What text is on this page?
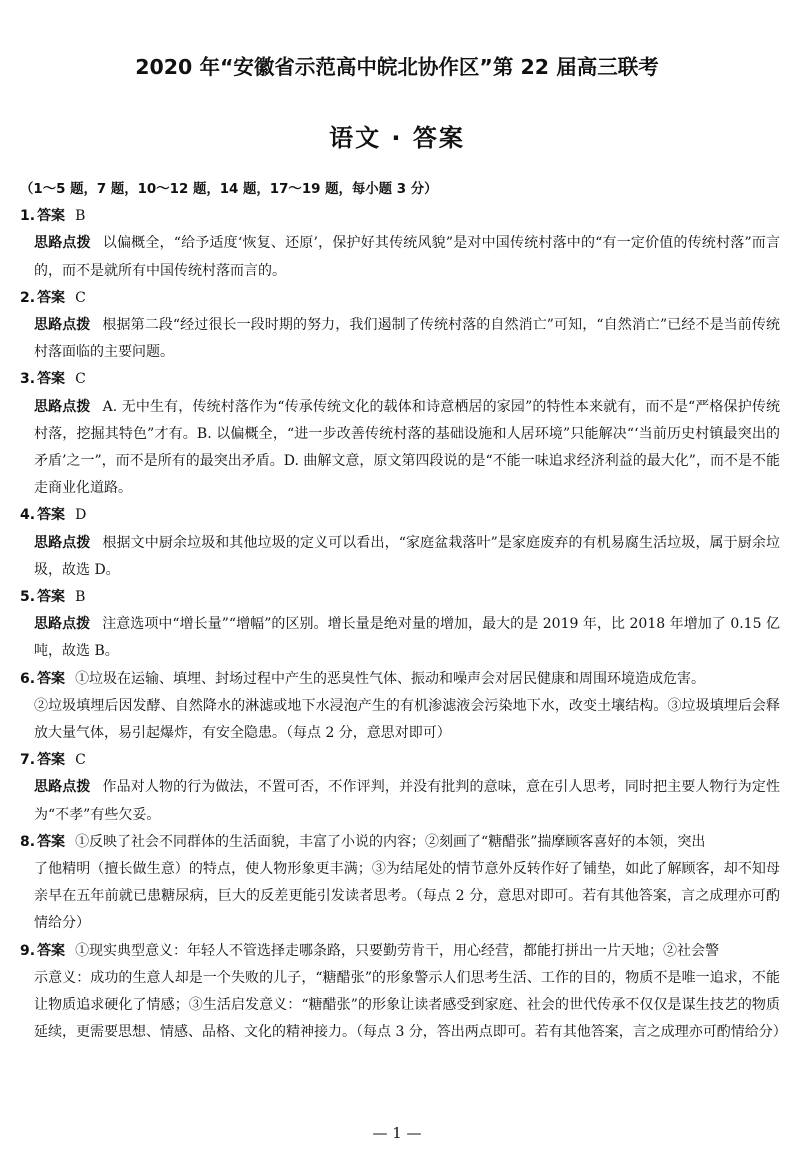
2020 年“安徽省示范高中皖北协作区”第 22 届高三联考
语文 · 答案

（1～5 题，7 题，10～12 题，14 题，17～19 题，每小题 3 分）

1. 答案 B

思路点拨 以偏概全，“给予适度‘恢复、还原’，保护好其传统风貌”是对中国传统村落中的“有一定价值的传统村落”而言的，而不是就所有中国传统村落而言的。

2. 答案 C

思路点拨 根据第二段“经过很长一段时期的努力，我们遏制了传统村落的自然消亡”可知，“自然消亡”已经不是当前传统村落面临的主要问题。

3. 答案 C

思路点拨 A. 无中生有，传统村落作为“传承传统文化的载体和诗意栖居的家园”的特性本来就有，而不是“严格保护传统村落，挖掘其特色”才有。B. 以偏概全，“进一步改善传统村落的基础设施和人居环境”只能解决“‘当前历史村镇最突出的矛盾’之一”，而不是所有的最突出矛盾。D. 曲解文意，原文第四段说的是“不能一味追求经济利益的最大化”，而不是不能走商业化道路。

4. 答案 D

思路点拨 根据文中厨余垃圾和其他垃圾的定义可以看出，“家庭盆栽落叶”是家庭废弃的有机易腐生活垃圾，属于厨余垃圾，故选 D。

5. 答案 B

思路点拨 注意选项中“增长量”“增幅”的区别。增长量是绝对量的增加，最大的是 2019 年，比 2018 年增加了 0.15 亿吨，故选 B。

6. 答案 ①垃圾在运输、填埋、封场过程中产生的恶臭性气体、振动和噪声会对居民健康和周围环境造成危害。

②垃圾填埋后因发酵、自然降水的淋滤或地下水浸泡产生的有机渗滤液会污染地下水，改变土壤结构。③垃圾填埋后会释放大量气体，易引起爆炸，有安全隐患。（每点 2 分，意思对即可）

7. 答案 C

思路点拨 作品对人物的行为做法，不置可否，不作评判，并没有批判的意味，意在引人思考，同时把主要人物行为定性为“不孝”有些欠妥。

8. 答案 ①反映了社会不同群体的生活面貌，丰富了小说的内容；②刻画了“糖醋张”揣摩顾客喜好的本领，突出

了他精明（擅长做生意）的特点，使人物形象更丰满；③为结尾处的情节意外反转作好了铺垫，如此了解顾客，却不知母亲早在五年前就已患糖尿病，巨大的反差更能引发读者思考。（每点 2 分，意思对即可。若有其他答案，言之成理亦可酌情给分）

9. 答案 ①现实典型意义：年轻人不管选择走哪条路，只要勤劳肯干，用心经营，都能打拼出一片天地；②社会警

示意义：成功的生意人却是一个失败的儿子，“糖醋张”的形象警示人们思考生活、工作的目的，物质不是唯一追求，不能让物质追求硬化了情感；③生活启发意义：“糖醋张”的形象让读者感受到家庭、社会的世代传承不仅仅是谋生技艺的物质延续，更需要思想、情感、品格、文化的精神接力。（每点 3 分，答出两点即可。若有其他答案，言之成理亦可酌情给分）

— 1 —
